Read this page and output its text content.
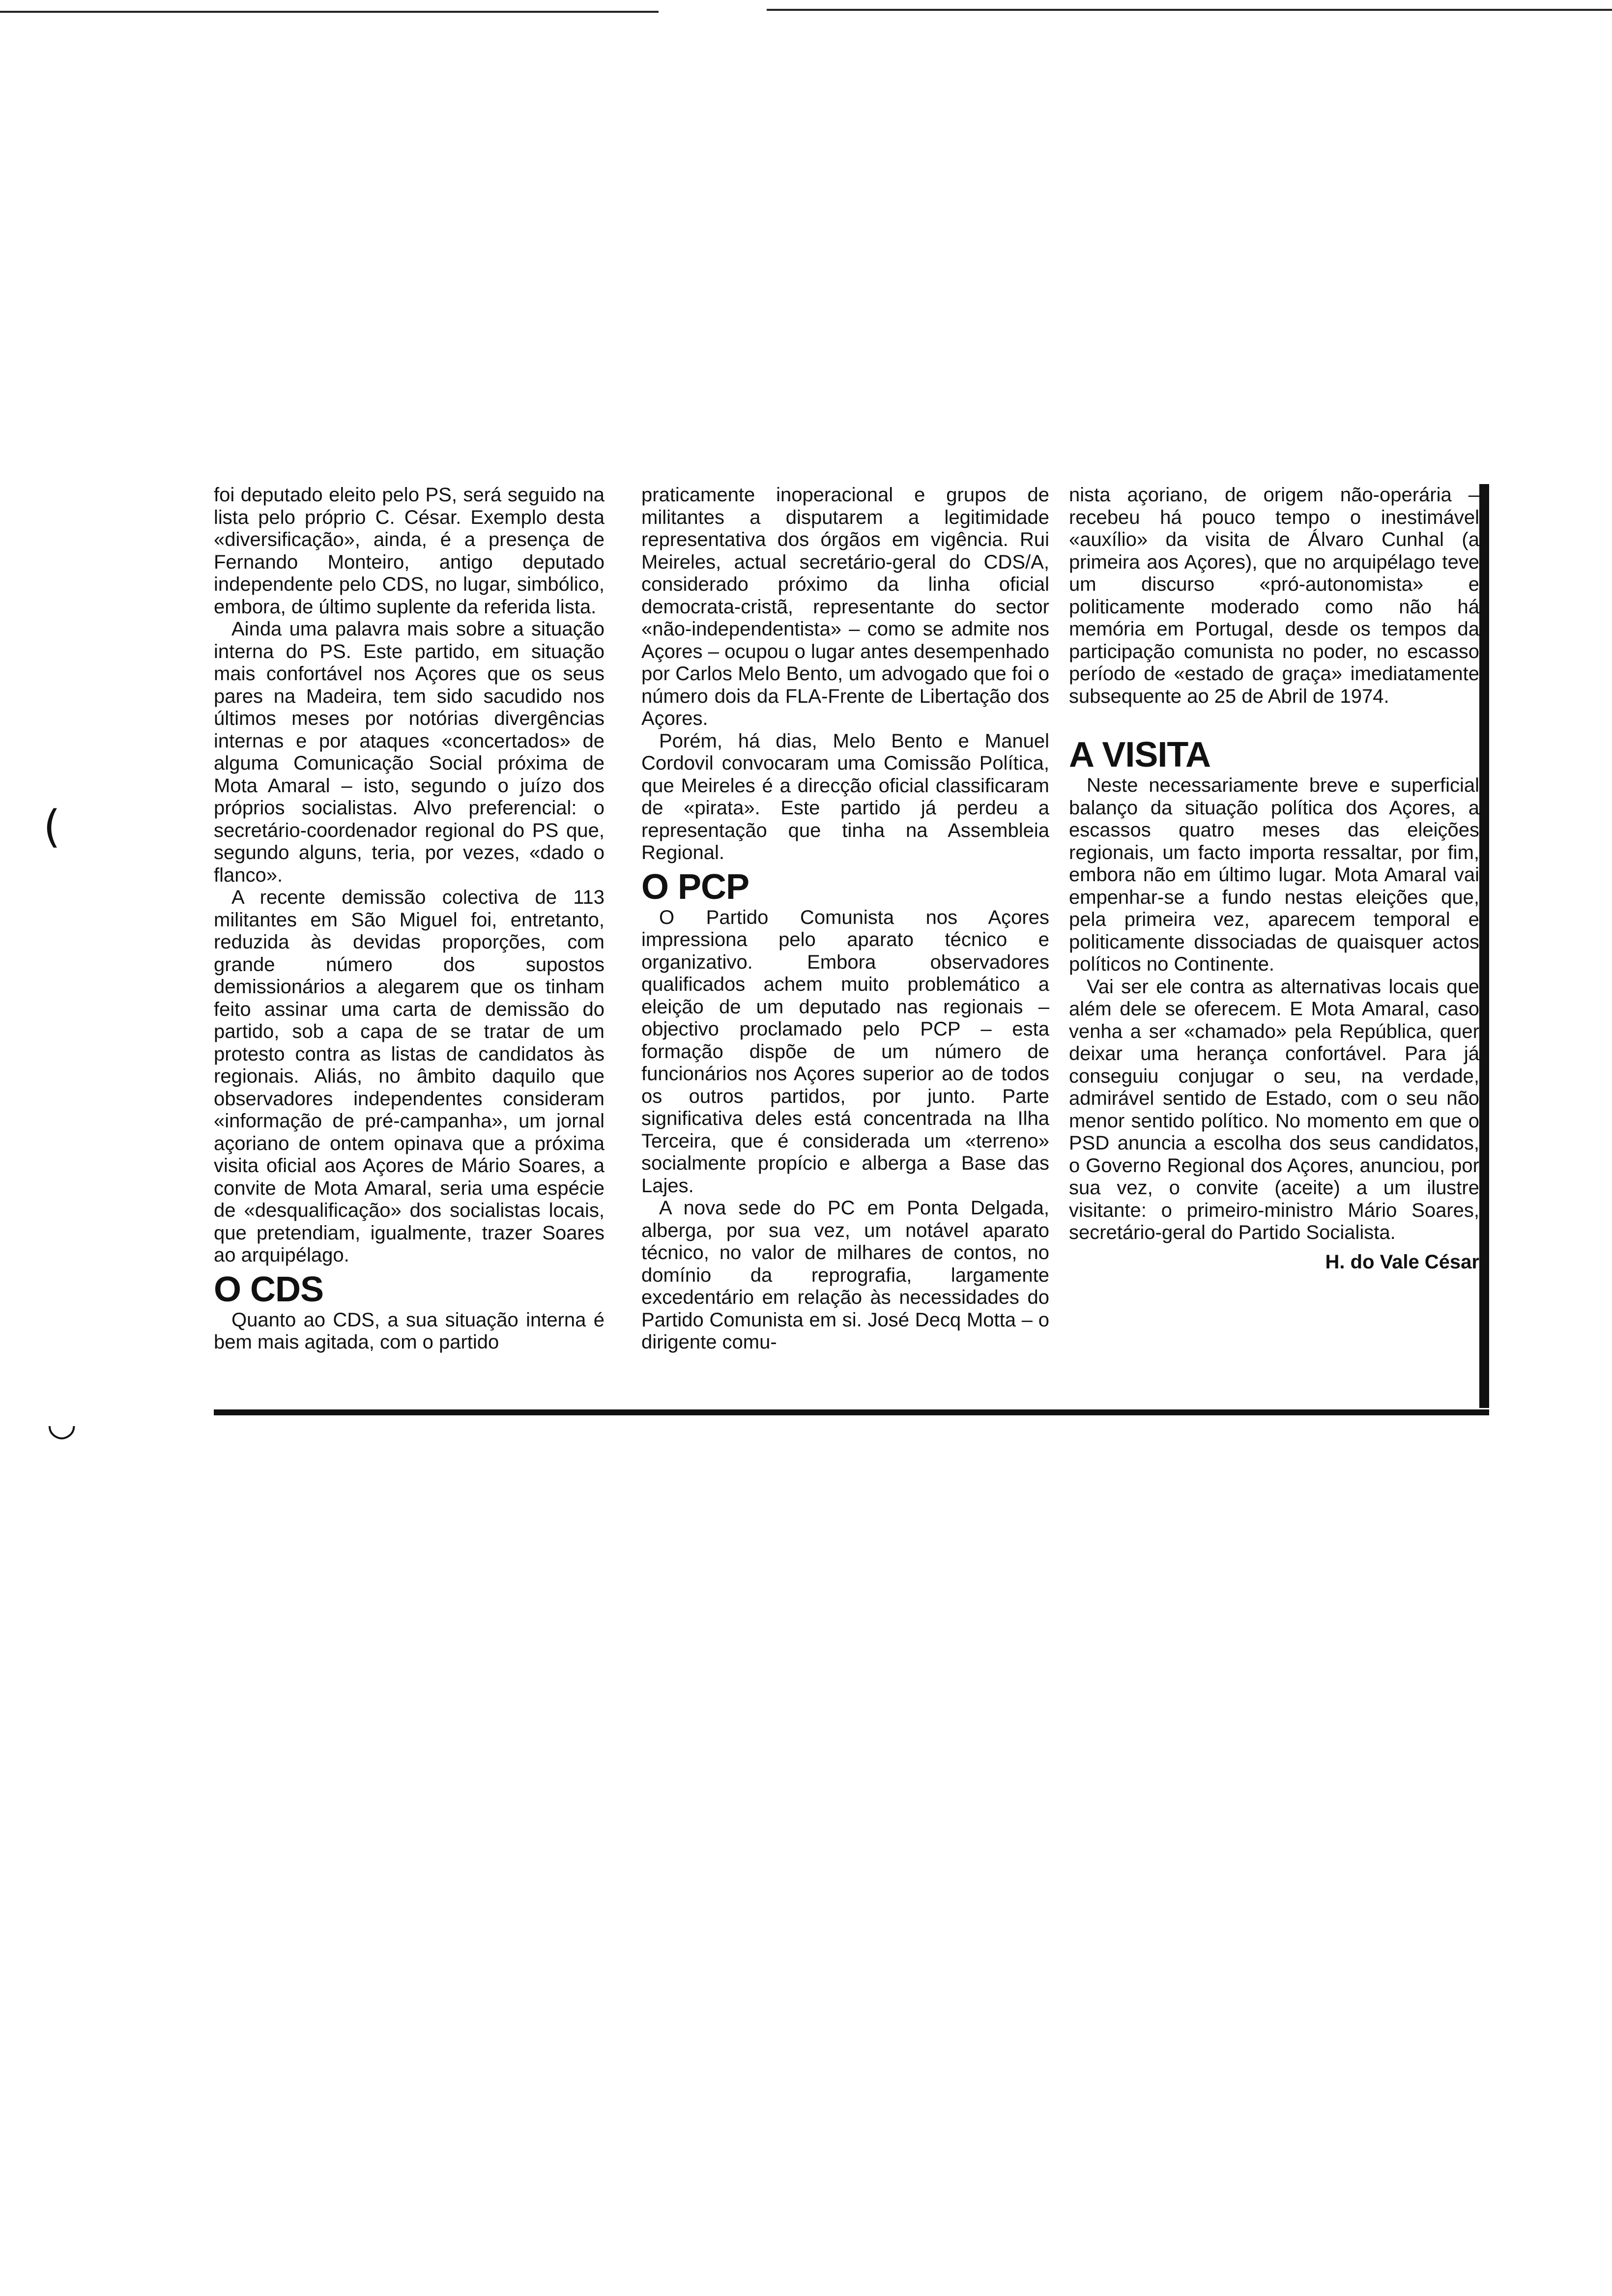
(
◡

foi deputado eleito pelo PS, será seguido na lista pelo próprio C. César. Exemplo desta «diversificação», ainda, é a presença de Fernando Monteiro, antigo deputado independente pelo CDS, no lugar, simbólico, embora, de último suplente da referida lista.

Ainda uma palavra mais sobre a situação interna do PS. Este partido, em situação mais confortável nos Açores que os seus pares na Madeira, tem sido sacudido nos últimos meses por notórias divergências internas e por ataques «concertados» de alguma Comunicação Social próxima de Mota Amaral – isto, segundo o juízo dos próprios socialistas. Alvo preferencial: o secretário-coordenador regional do PS que, segundo alguns, teria, por vezes, «dado o flanco».

A recente demissão colectiva de 113 militantes em São Miguel foi, entretanto, reduzida às devidas proporções, com grande número dos supostos demissionários a alegarem que os tinham feito assinar uma carta de demissão do partido, sob a capa de se tratar de um protesto contra as listas de candidatos às regionais. Aliás, no âmbito daquilo que observadores independentes consideram «informação de pré-campanha», um jornal açoriano de ontem opinava que a próxima visita oficial aos Açores de Mário Soares, a convite de Mota Amaral, seria uma espécie de «desqualificação» dos socialistas locais, que pretendiam, igualmente, trazer Soares ao arquipélago.

O CDS

Quanto ao CDS, a sua situação interna é bem mais agitada, com o partido

praticamente inoperacional e grupos de militantes a disputarem a legitimidade representativa dos órgãos em vigência. Rui Meireles, actual secretário-geral do CDS/A, considerado próximo da linha oficial democrata-cristã, representante do sector «não-independentista» – como se admite nos Açores – ocupou o lugar antes desempenhado por Carlos Melo Bento, um advogado que foi o número dois da FLA-Frente de Libertação dos Açores.

Porém, há dias, Melo Bento e Manuel Cordovil convocaram uma Comissão Política, que Meireles é a direcção oficial classificaram de «pirata». Este partido já perdeu a representação que tinha na Assembleia Regional.

O PCP

O Partido Comunista nos Açores impressiona pelo aparato técnico e organizativo. Embora observadores qualificados achem muito problemático a eleição de um deputado nas regionais – objectivo proclamado pelo PCP – esta formação dispõe de um número de funcionários nos Açores superior ao de todos os outros partidos, por junto. Parte significativa deles está concentrada na Ilha Terceira, que é considerada um «terreno» socialmente propício e alberga a Base das Lajes.

A nova sede do PC em Ponta Delgada, alberga, por sua vez, um notável aparato técnico, no valor de milhares de contos, no domínio da reprografia, largamente excedentário em relação às necessidades do Partido Comunista em si. José Decq Motta – o dirigente comu-

nista açoriano, de origem não-operária – recebeu há pouco tempo o inestimável «auxílio» da visita de Álvaro Cunhal (a primeira aos Açores), que no arquipélago teve um discurso «pró-autonomista» e politicamente moderado como não há memória em Portugal, desde os tempos da participação comunista no poder, no escasso período de «estado de graça» imediatamente subsequente ao 25 de Abril de 1974.

A VISITA

Neste necessariamente breve e superficial balanço da situação política dos Açores, a escassos quatro meses das eleições regionais, um facto importa ressaltar, por fim, embora não em último lugar. Mota Amaral vai empenhar-se a fundo nestas eleições que, pela primeira vez, aparecem temporal e politicamente dissociadas de quaisquer actos políticos no Continente.

Vai ser ele contra as alternativas locais que além dele se oferecem. E Mota Amaral, caso venha a ser «chamado» pela República, quer deixar uma herança confortável. Para já conseguiu conjugar o seu, na verdade, admirável sentido de Estado, com o seu não menor sentido político. No momento em que o PSD anuncia a escolha dos seus candidatos, o Governo Regional dos Açores, anunciou, por sua vez, o convite (aceite) a um ilustre visitante: o primeiro-ministro Mário Soares, secretário-geral do Partido Socialista.

H. do Vale César
